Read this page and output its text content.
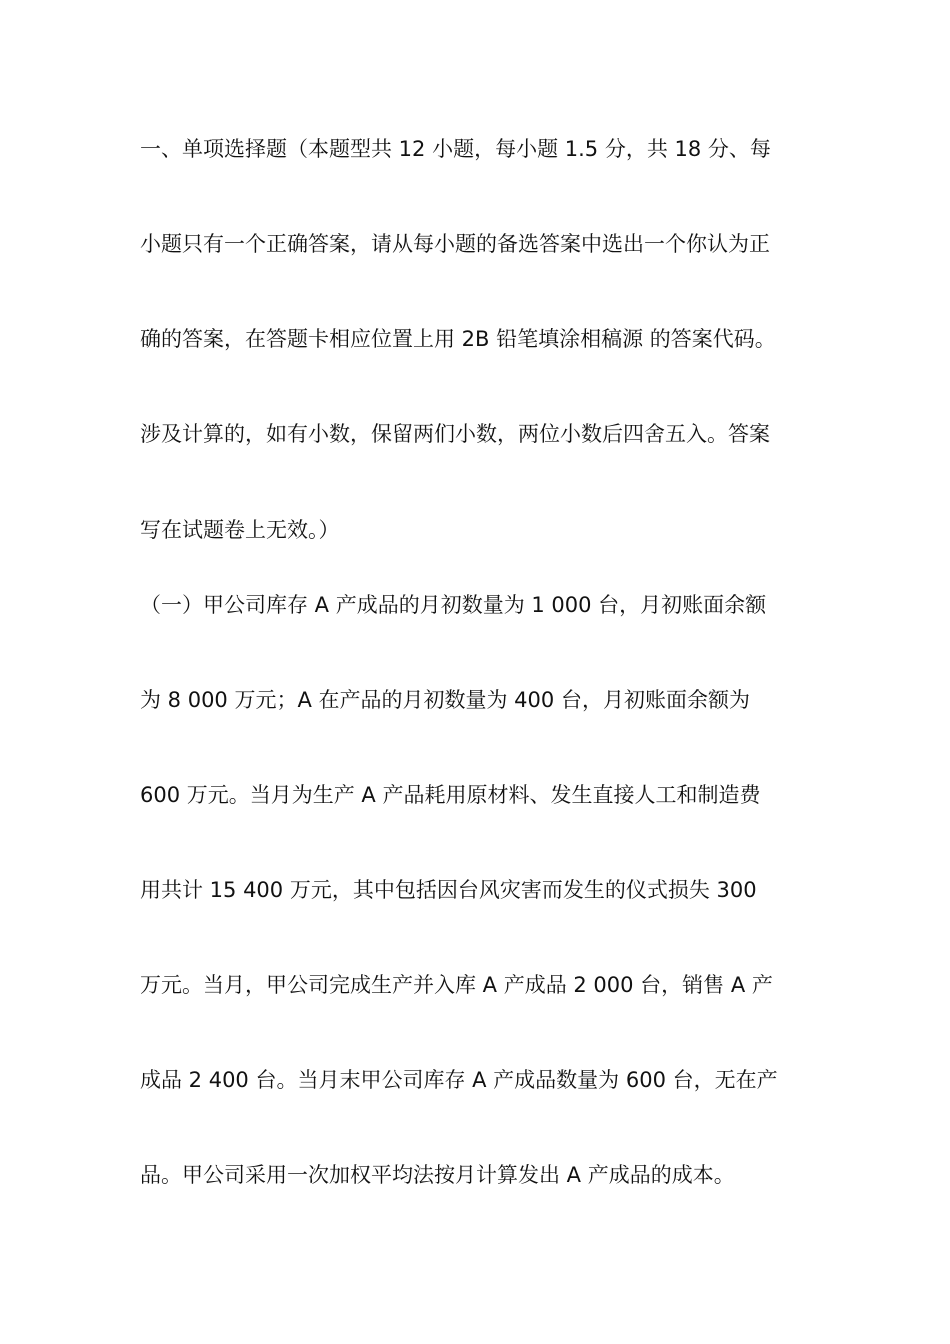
一、单项选择题（本题型共 12 小题，每小题 1.5 分，共 18 分、每
小题只有一个正确答案，请从每小题的备选答案中选出一个你认为正
确的答案，在答题卡相应位置上用 2B 铅笔填涂相稿源 的答案代码。
涉及计算的，如有小数，保留两们小数，两位小数后四舍五入。答案
写在试题卷上无效。）
（一）甲公司库存 A 产成品的月初数量为 1 000 台，月初账面余额
为 8 000 万元；A 在产品的月初数量为 400 台，月初账面余额为
600 万元。当月为生产 A 产品耗用原材料、发生直接人工和制造费
用共计 15 400 万元，其中包括因台风灾害而发生的仪式损失 300
万元。当月，甲公司完成生产并入库 A 产成品 2 000 台，销售 A 产
成品 2 400 台。当月末甲公司库存 A 产成品数量为 600 台，无在产
品。甲公司采用一次加权平均法按月计算发出 A 产成品的成本。
